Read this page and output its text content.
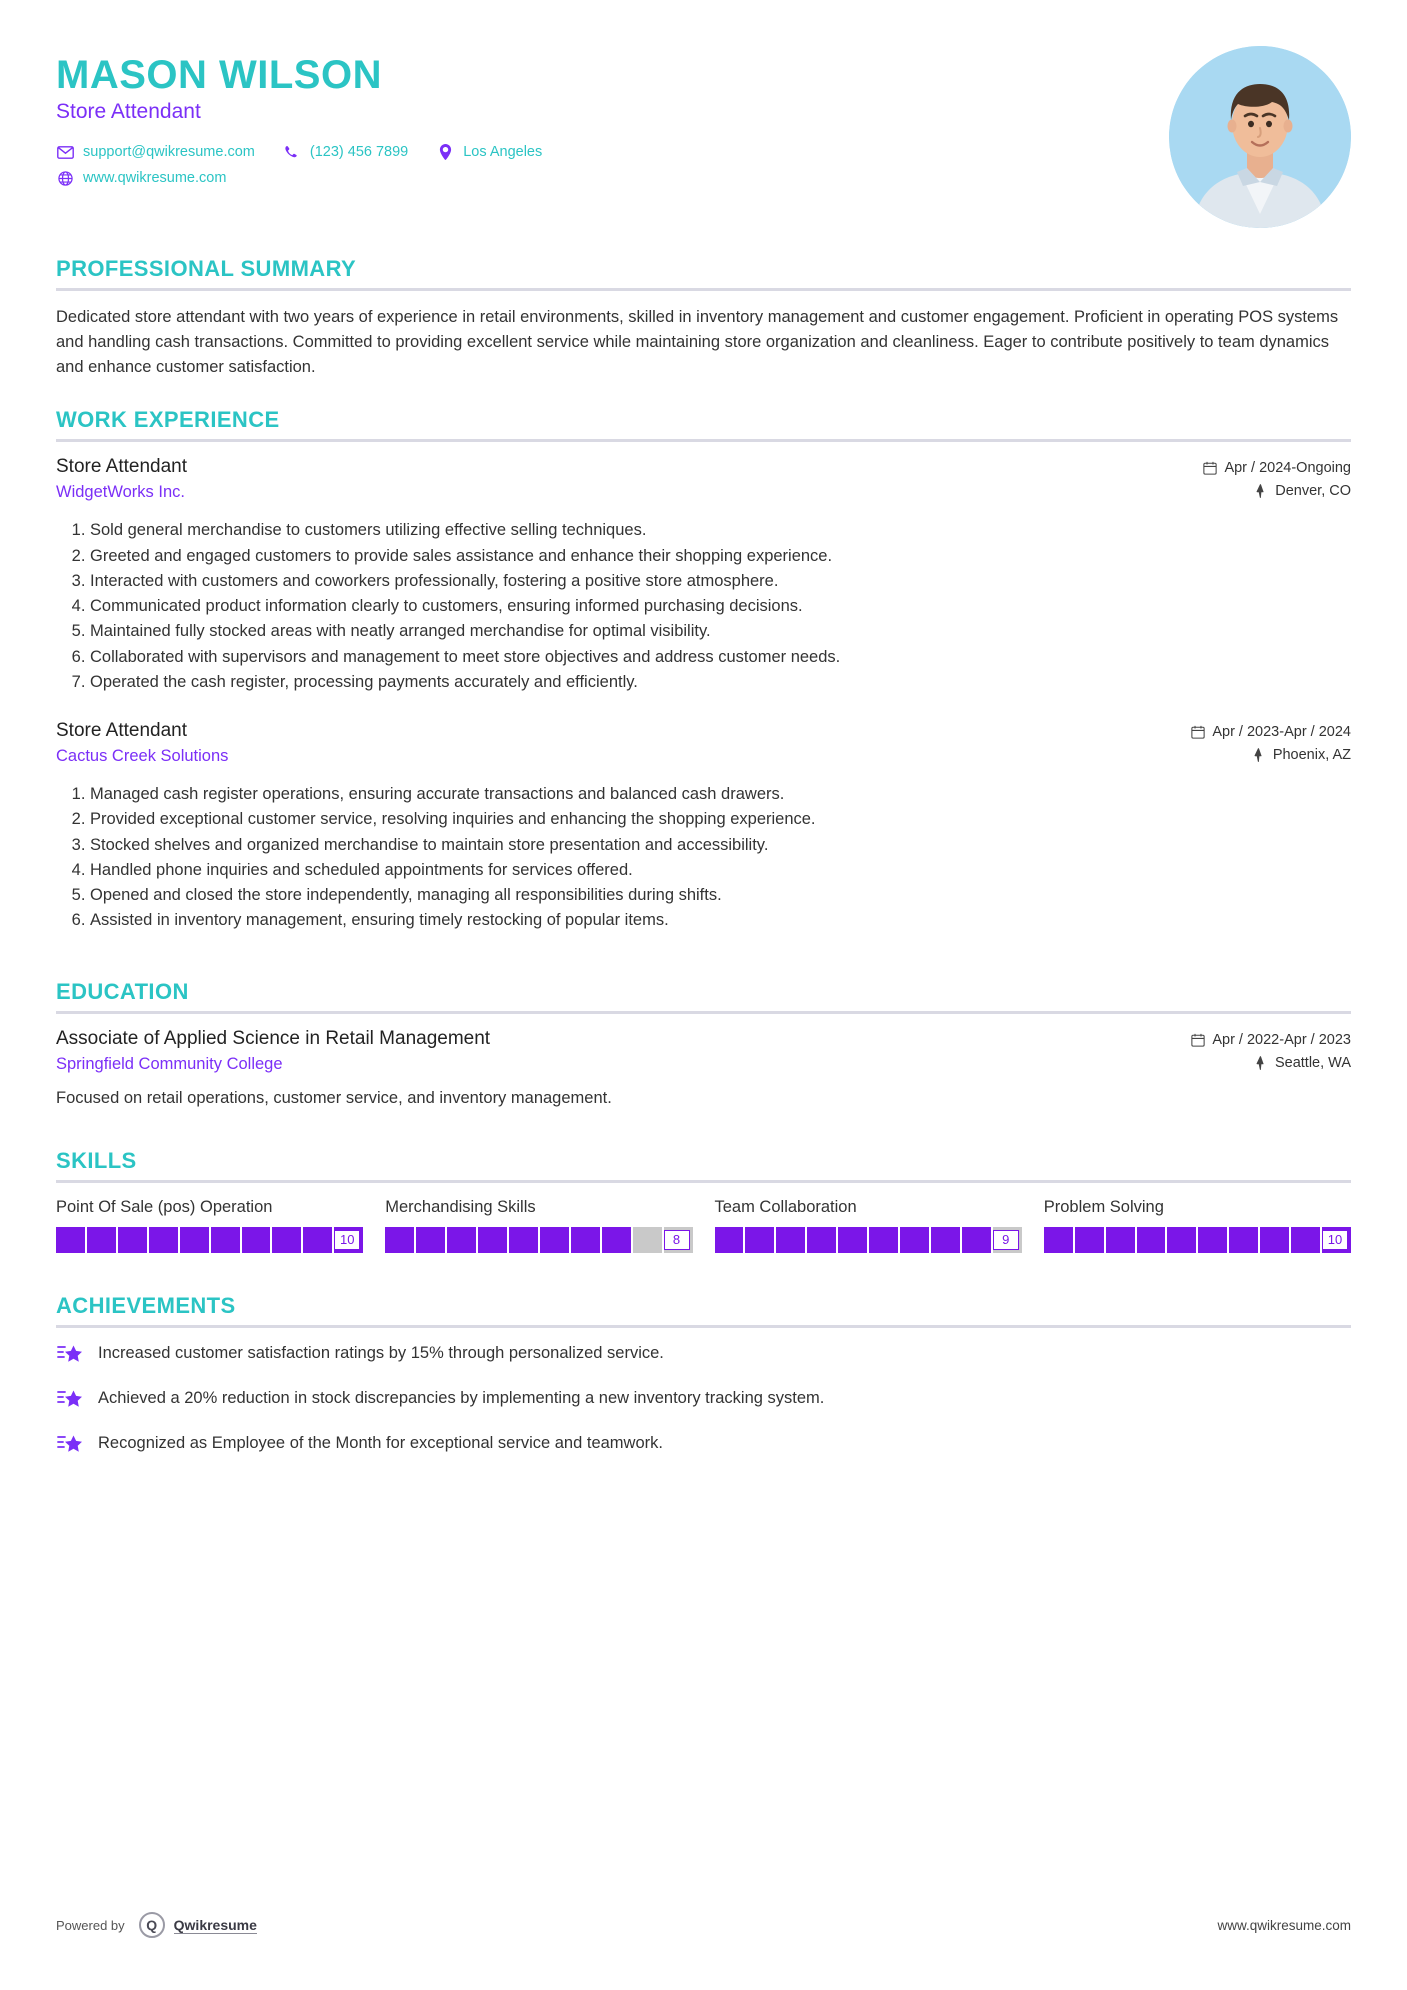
MASON WILSON
Store Attendant
support@qwikresume.com	(123) 456 7899	Los Angeles
www.qwikresume.com
PROFESSIONAL SUMMARY

Dedicated store attendant with two years of experience in retail environments, skilled in inventory management and customer engagement. Proficient in operating POS systems and handling cash transactions. Committed to providing excellent service while maintaining store organization and cleanliness. Eager to contribute positively to team dynamics and enhance customer satisfaction.

WORK EXPERIENCE
Store Attendant
WidgetWorks Inc.
Apr / 2024-Ongoing
Denver, CO
1. Sold general merchandise to customers utilizing effective selling techniques.
2. Greeted and engaged customers to provide sales assistance and enhance their shopping experience.
3. Interacted with customers and coworkers professionally, fostering a positive store atmosphere.
4. Communicated product information clearly to customers, ensuring informed purchasing decisions.
5. Maintained fully stocked areas with neatly arranged merchandise for optimal visibility.
6. Collaborated with supervisors and management to meet store objectives and address customer needs.
7. Operated the cash register, processing payments accurately and efficiently.
Store Attendant
Cactus Creek Solutions
Apr / 2023-Apr / 2024
Phoenix, AZ
1. Managed cash register operations, ensuring accurate transactions and balanced cash drawers.
2. Provided exceptional customer service, resolving inquiries and enhancing the shopping experience.
3. Stocked shelves and organized merchandise to maintain store presentation and accessibility.
4. Handled phone inquiries and scheduled appointments for services offered.
5. Opened and closed the store independently, managing all responsibilities during shifts.
6. Assisted in inventory management, ensuring timely restocking of popular items.
EDUCATION
Associate of Applied Science in Retail Management
Springfield Community College
Apr / 2022-Apr / 2023
Seattle, WA

Focused on retail operations, customer service, and inventory management.

SKILLS
Point Of Sale (pos) Operation
10
Merchandising Skills
8
Team Collaboration
9
Problem Solving
10
ACHIEVEMENTS
Increased customer satisfaction ratings by 15% through personalized service.
Achieved a 20% reduction in stock discrepancies by implementing a new inventory tracking system.
Recognized as Employee of the Month for exceptional service and teamwork.
Powered by	Q	Qwikresume	www.qwikresume.com
